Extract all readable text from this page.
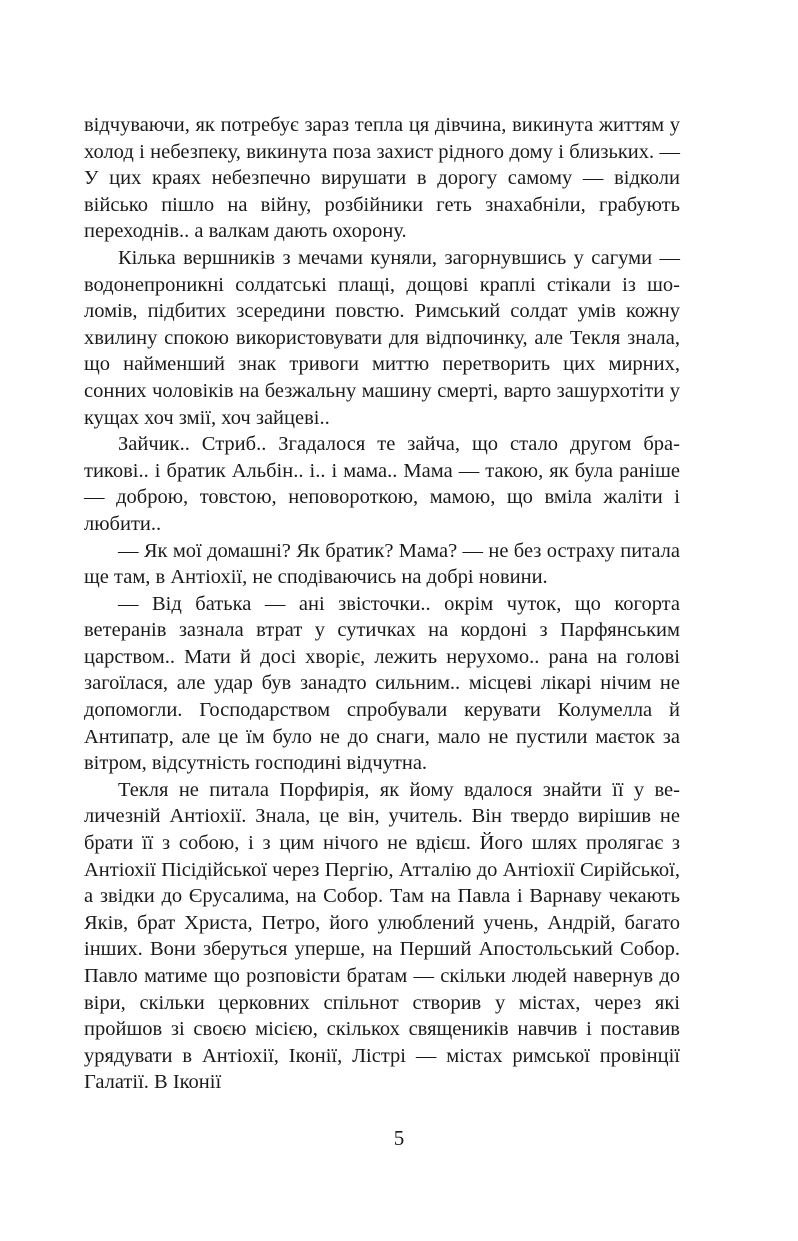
відчуваючи, як потребує зараз тепла ця дівчина, викинута життям у холод і небезпеку, викинута поза захист рідного дому і близьких. — У цих краях небезпечно вирушати в дорогу самому — відколи військо пішло на війну, розбійники геть знахабніли, грабують переходнів.. а валкам дають охорону.

Кілька вершників з мечами куняли, загорнувшись у сагуми — водонепроникні солдатські плащі, дощові краплі стікали із шоломів, підбитих зсередини повстю. Римський солдат умів кожну хвилину спокою використовувати для відпочинку, але Текля знала, що найменший знак тривоги миттю перетворить цих мирних, сонних чоловіків на безжальну машину смерті, варто зашурхотіти у кущах хоч змії, хоч зайцеві..

Зайчик.. Стриб.. Згадалося те зайча, що стало другом братикові.. і братик Альбін.. і.. і мама.. Мама — такою, як була раніше — доброю, товстою, неповороткою, мамою, що вміла жаліти і любити..

— Як мої домашні? Як братик? Мама? — не без остраху питала ще там, в Антіохії, не сподіваючись на добрі новини.

— Від батька — ані звісточки.. окрім чуток, що когорта ветеранів зазнала втрат у сутичках на кордоні з Парфянським царством.. Мати й досі хворіє, лежить нерухомо.. рана на голові загоїлася, але удар був занадто сильним.. місцеві лікарі нічим не допомогли. Господарством спробували керувати Колумелла й Антипатр, але це їм було не до снаги, мало не пустили маєток за вітром, відсутність господині відчутна.

Текля не питала Порфирія, як йому вдалося знайти її у величезній Антіохії. Знала, це він, учитель. Він твердо вирішив не брати її з собою, і з цим нічого не вдієш. Його шлях пролягає з Антіохії Пісідійської через Пергію, Атталію до Антіохії Сирійської, а звідки до Єрусалима, на Собор. Там на Павла і Варнаву чекають Яків, брат Христа, Петро, його улюблений учень, Андрій, багато інших. Вони зберуться уперше, на Перший Апостольський Собор. Павло матиме що розповісти братам — скільки людей навернув до віри, скільки церковних спільнот створив у містах, через які пройшов зі своєю місією, скількох священиків навчив і поставив урядувати в Антіохії, Іконії, Лістрі — містах римської провінції Галатії. В Іконії

5
